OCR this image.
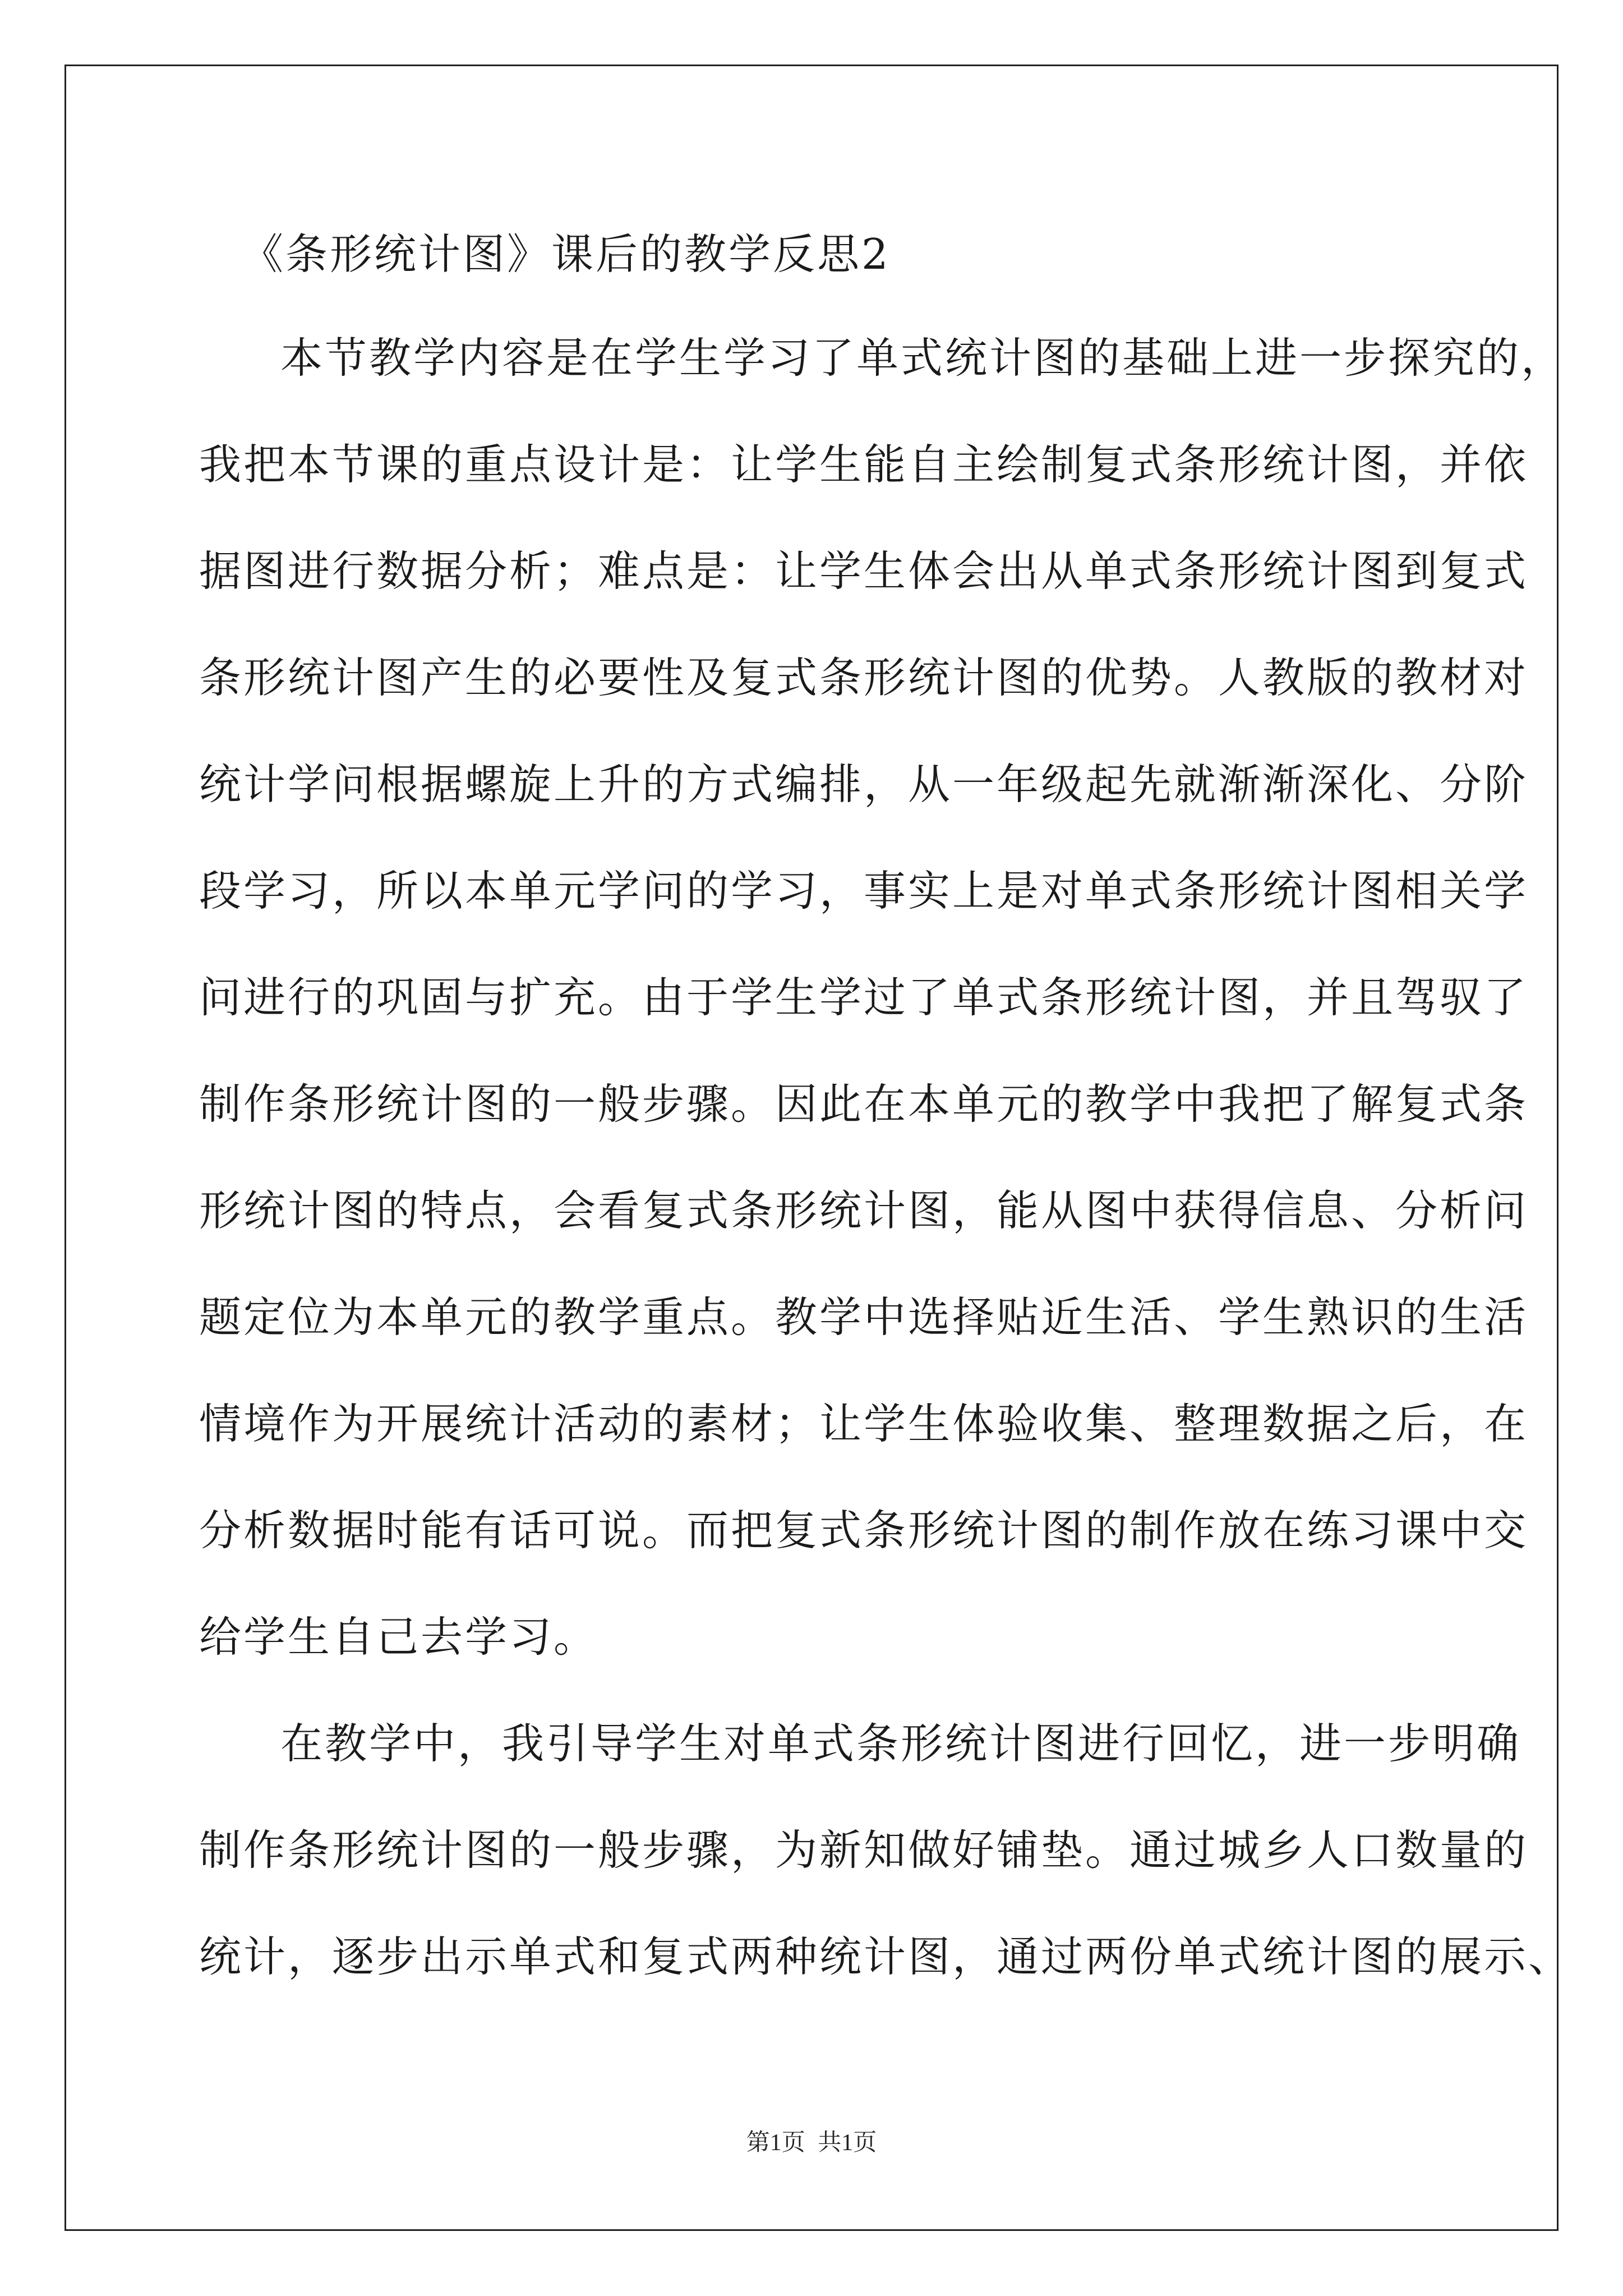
《条形统计图》课后的教学反思2
本节教学内容是在学生学习了单式统计图的基础上进一步探究的，
我把本节课的重点设计是：让学生能自主绘制复式条形统计图，并依
据图进行数据分析；难点是：让学生体会出从单式条形统计图到复式
条形统计图产生的必要性及复式条形统计图的优势。人教版的教材对
统计学问根据螺旋上升的方式编排，从一年级起先就渐渐深化、分阶
段学习，所以本单元学问的学习，事实上是对单式条形统计图相关学
问进行的巩固与扩充。由于学生学过了单式条形统计图，并且驾驭了
制作条形统计图的一般步骤。因此在本单元的教学中我把了解复式条
形统计图的特点，会看复式条形统计图，能从图中获得信息、分析问
题定位为本单元的教学重点。教学中选择贴近生活、学生熟识的生活
情境作为开展统计活动的素材；让学生体验收集、整理数据之后，在
分析数据时能有话可说。而把复式条形统计图的制作放在练习课中交
给学生自己去学习。
在教学中，我引导学生对单式条形统计图进行回忆，进一步明确
制作条形统计图的一般步骤，为新知做好铺垫。通过城乡人口数量的
统计，逐步出示单式和复式两种统计图，通过两份单式统计图的展示、
第1页 共1页
